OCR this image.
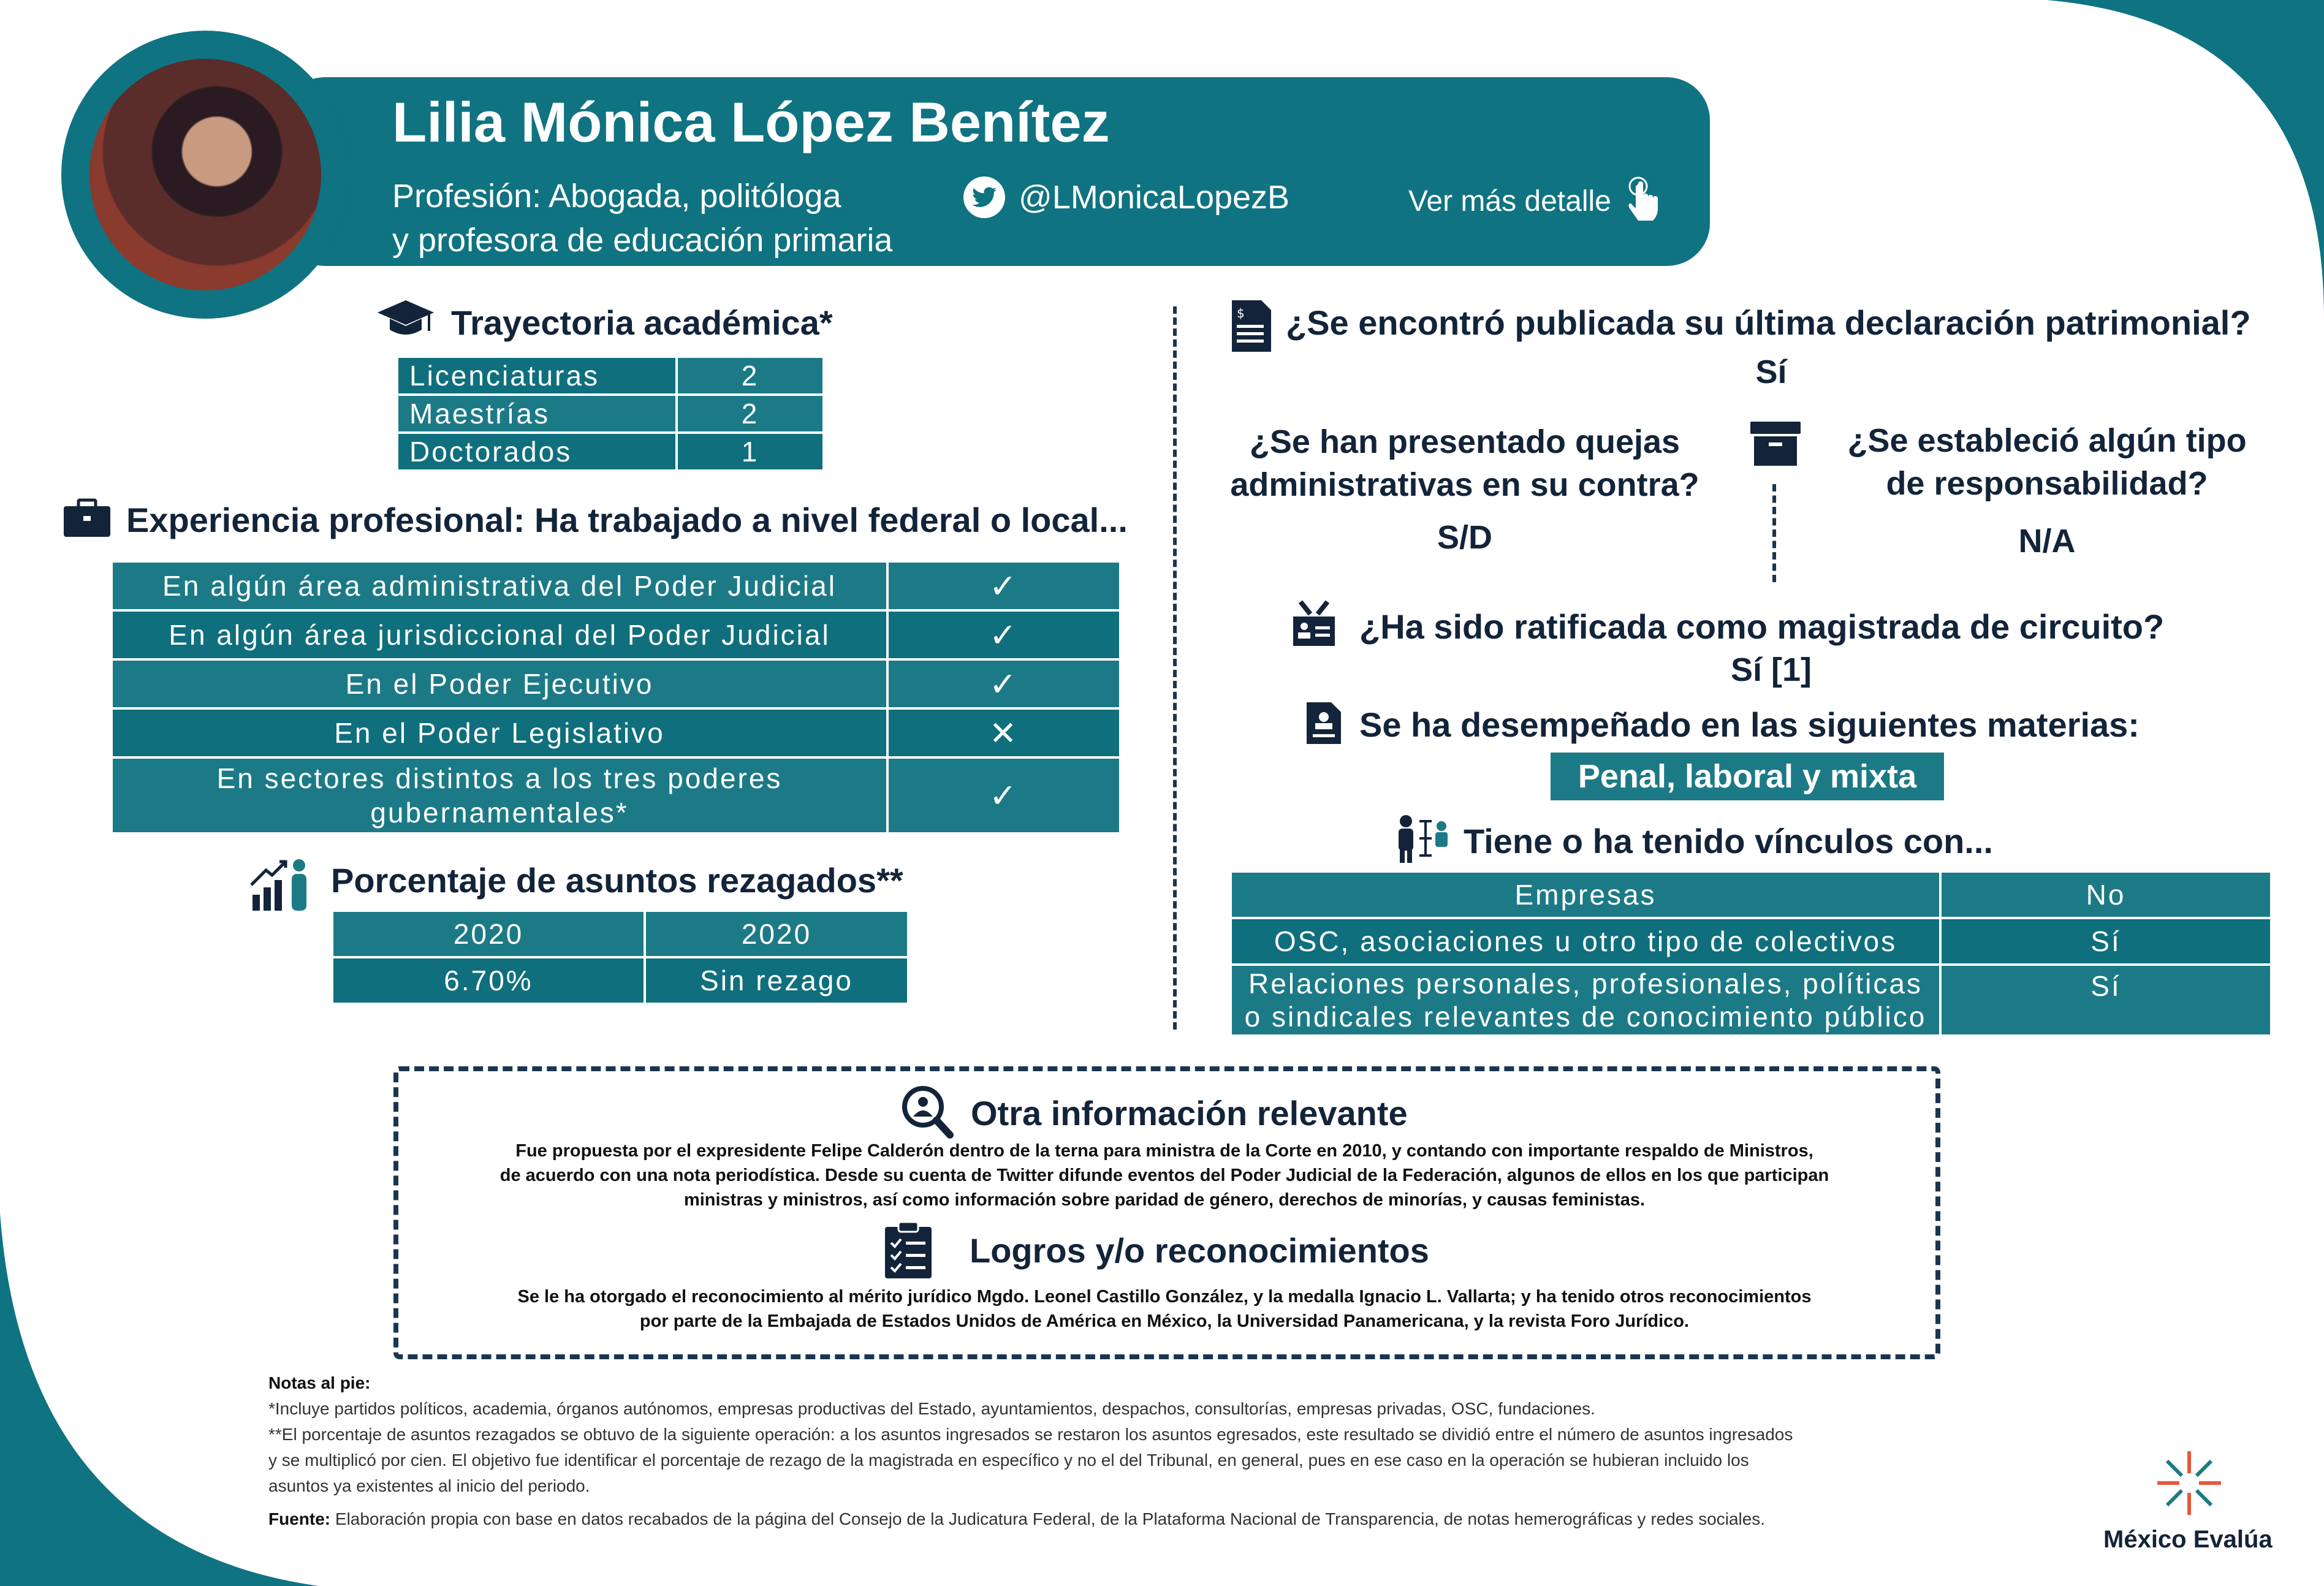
Lilia Mónica López Benítez
Profesión: Abogada, politóloga
y profesora de educación primaria
@LMonicaLopezB	Ver más detalle
Trayectoria académica*
Licenciaturas	2
Maestrías	2
Doctorados	1
Experiencia profesional: Ha trabajado a nivel federal o local...
En algún área administrativa del Poder Judicial	✓
En algún área jurisdiccional del Poder Judicial	✓
En el Poder Ejecutivo	✓
En el Poder Legislativo	✕

En sectores distintos a los tres poderes
gubernamentales*	✓
Porcentaje de asuntos rezagados**
2020	2020
6.70%	Sin rezago
$ ¿Se encontró publicada su última declaración patrimonial?
Sí
¿Se han presentado quejas
administrativas en su contra?
S/D
¿Se estableció algún tipo
de responsabilidad?
N/A
¿Ha sido ratificada como magistrada de circuito?
Sí [1]
Se ha desempeñado en las siguientes materias:
Penal, laboral y mixta
Tiene o ha tenido vínculos con...
Empresas	No
OSC, asociaciones u otro tipo de colectivos	Sí

Relaciones personales, profesionales, políticas
o sindicales relevantes de conocimiento público	Sí
Otra información relevante
Fue propuesta por el expresidente Felipe Calderón dentro de la terna para ministra de la Corte en 2010, y contando con importante respaldo de Ministros,
de acuerdo con una nota periodística. Desde su cuenta de Twitter difunde eventos del Poder Judicial de la Federación, algunos de ellos en los que participan
ministras y ministros, así como información sobre paridad de género, derechos de minorías, y causas feministas.
Logros y/o reconocimientos
Se le ha otorgado el reconocimiento al mérito jurídico Mgdo. Leonel Castillo González, y la medalla Ignacio L. Vallarta; y ha tenido otros reconocimientos
por parte de la Embajada de Estados Unidos de América en México, la Universidad Panamericana, y la revista Foro Jurídico.
Notas al pie:
*Incluye partidos políticos, academia, órganos autónomos, empresas productivas del Estado, ayuntamientos, despachos, consultorías, empresas privadas, OSC, fundaciones.
**El porcentaje de asuntos rezagados se obtuvo de la siguiente operación: a los asuntos ingresados se restaron los asuntos egresados, este resultado se dividió entre el número de asuntos ingresados
y se multiplicó por cien. El objetivo fue identificar el porcentaje de rezago de la magistrada en específico y no el del Tribunal, en general, pues en ese caso en la operación se hubieran incluido los
asuntos ya existentes al inicio del periodo.
Fuente: Elaboración propia con base en datos recabados de la página del Consejo de la Judicatura Federal, de la Plataforma Nacional de Transparencia, de notas hemerográficas y redes sociales.
México Evalúa
